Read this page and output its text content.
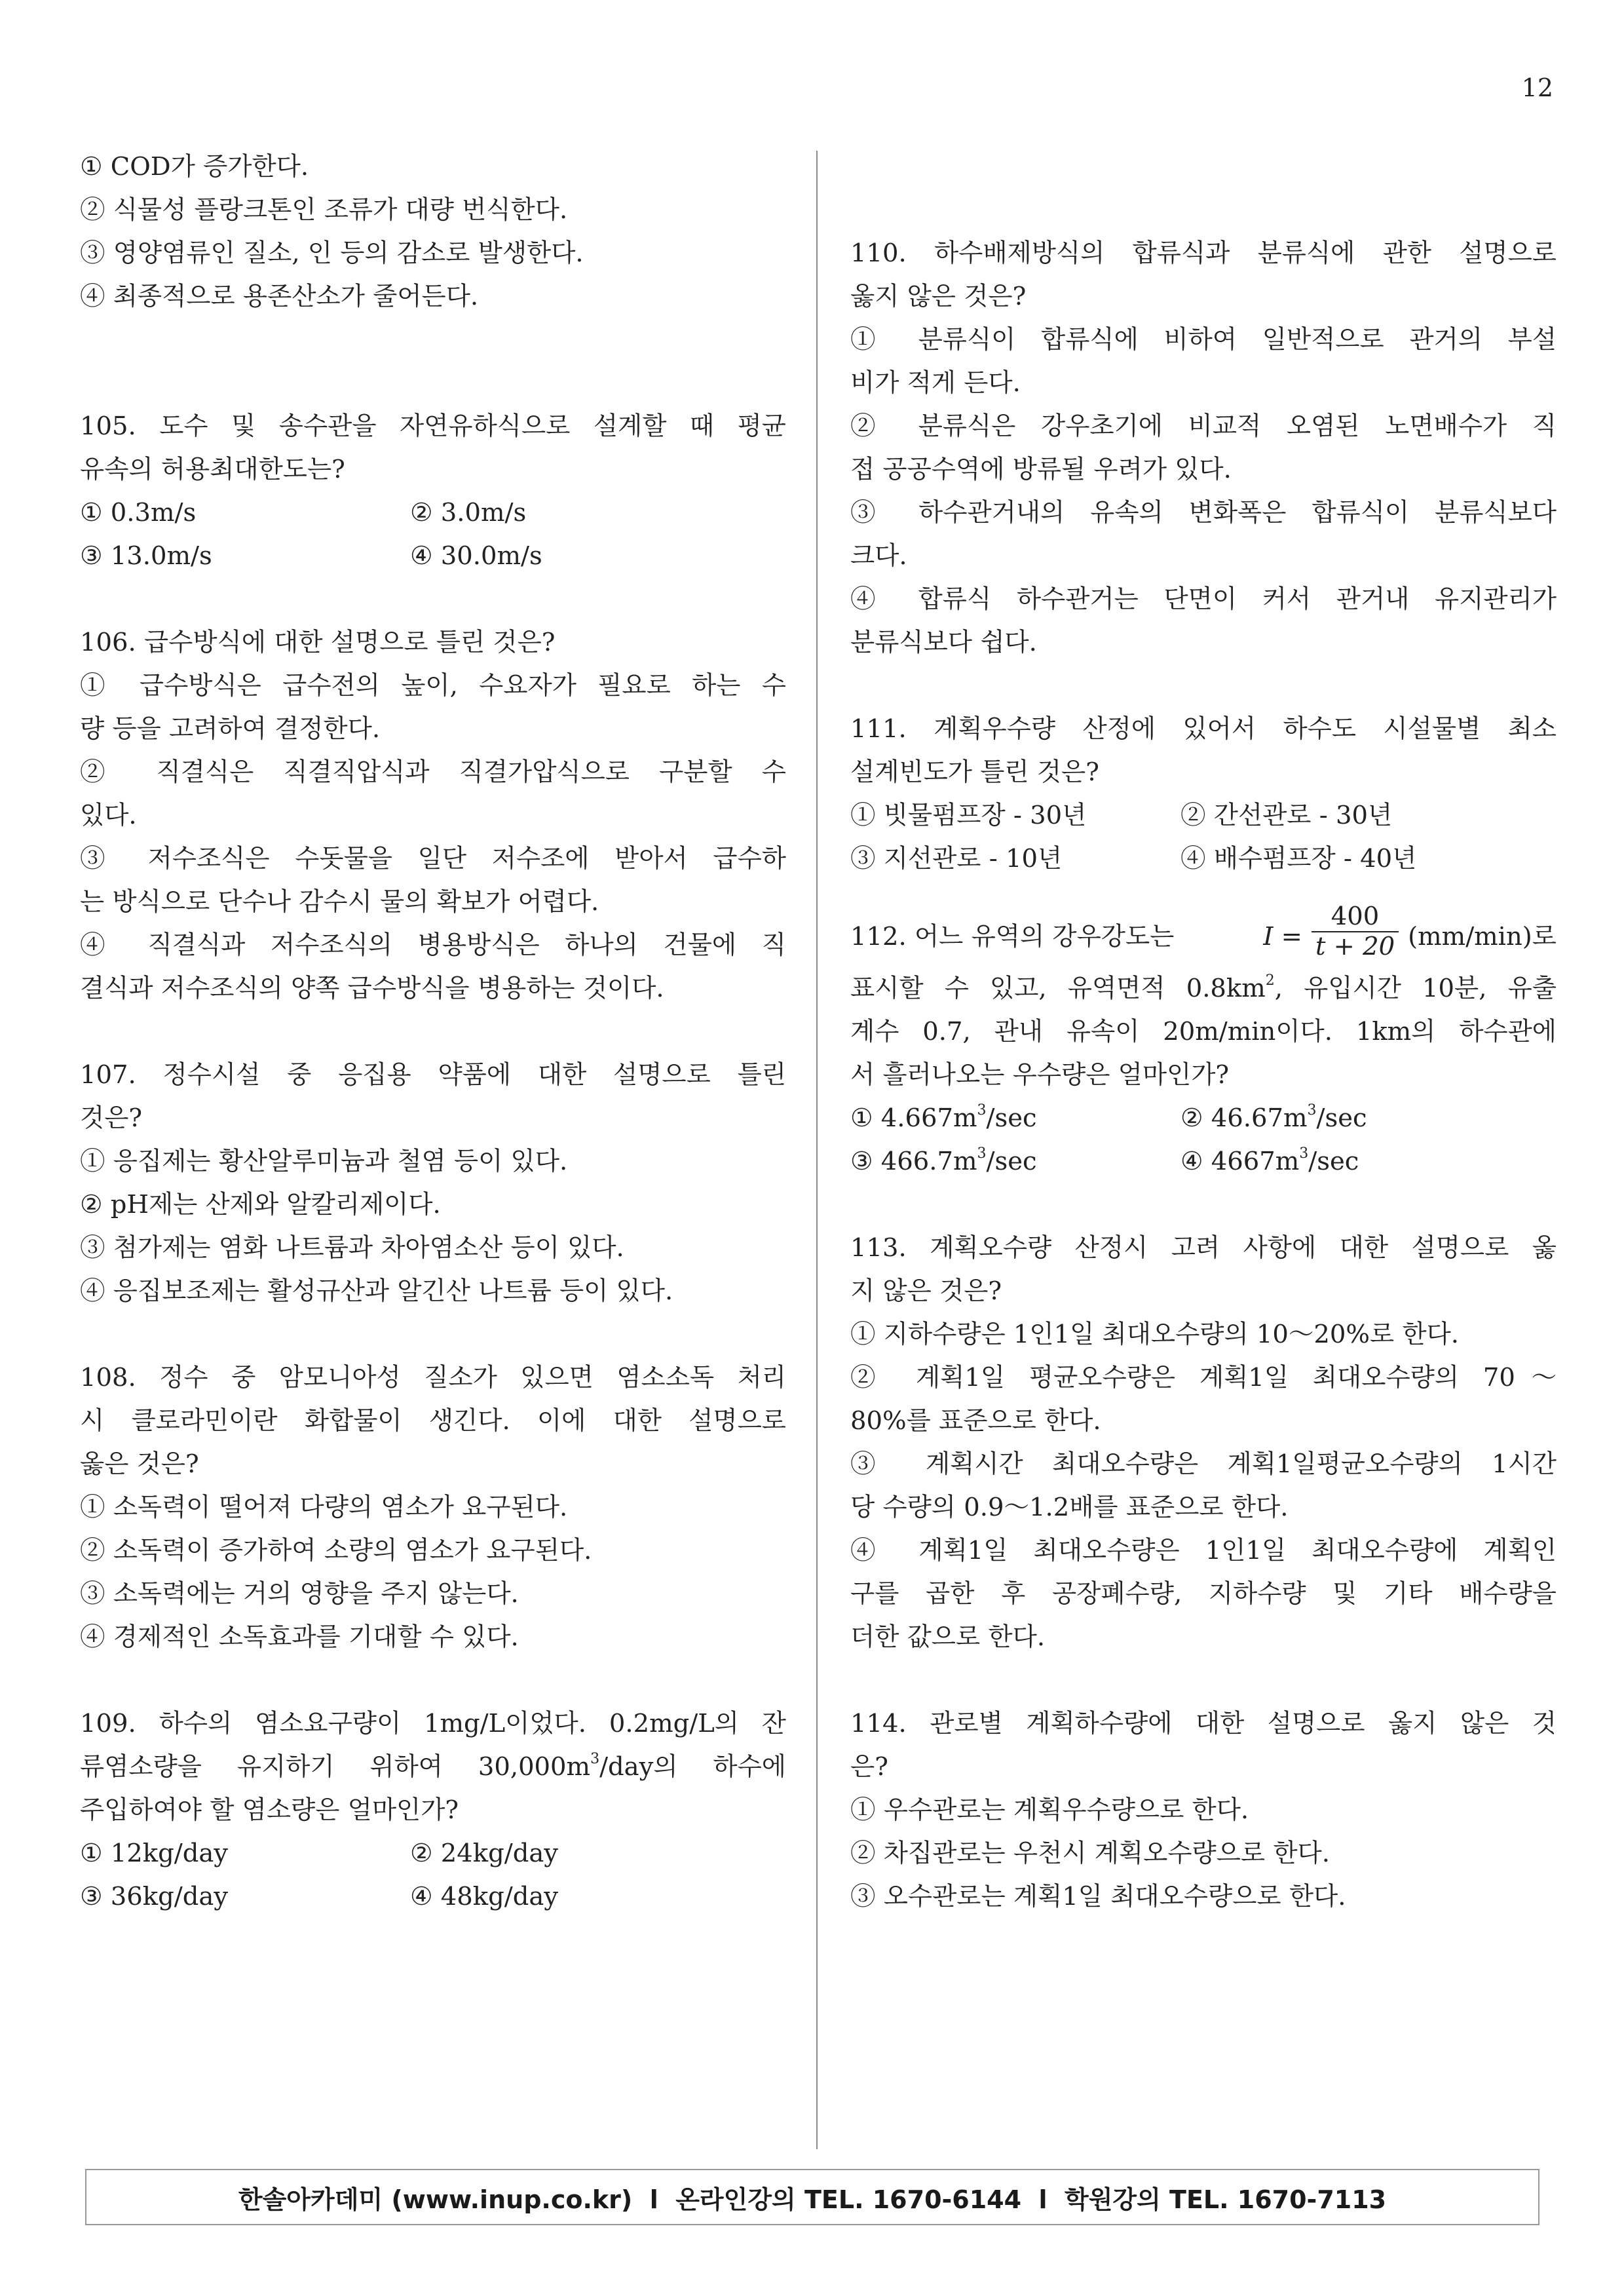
12
① COD가 증가한다.
② 식물성 플랑크톤인 조류가 대량 번식한다.
③ 영양염류인 질소, 인 등의 감소로 발생한다.
④ 최종적으로 용존산소가 줄어든다.
105. 도수 및 송수관을 자연유하식으로 설계할 때 평균
유속의 허용최대한도는?
① 0.3m/s	② 3.0m/s
③ 13.0m/s	④ 30.0m/s
106. 급수방식에 대한 설명으로 틀린 것은?
① 급수방식은 급수전의 높이, 수요자가 필요로 하는 수
량 등을 고려하여 결정한다.
② 직결식은 직결직압식과 직결가압식으로 구분할 수
있다.
③ 저수조식은 수돗물을 일단 저수조에 받아서 급수하
는 방식으로 단수나 감수시 물의 확보가 어렵다.
④ 직결식과 저수조식의 병용방식은 하나의 건물에 직
결식과 저수조식의 양쪽 급수방식을 병용하는 것이다.
107. 정수시설 중 응집용 약품에 대한 설명으로 틀린
것은?
① 응집제는 황산알루미늄과 철염 등이 있다.
② pH제는 산제와 알칼리제이다.
③ 첨가제는 염화 나트륨과 차아염소산 등이 있다.
④ 응집보조제는 활성규산과 알긴산 나트륨 등이 있다.
108. 정수 중 암모니아성 질소가 있으면 염소소독 처리
시 클로라민이란 화합물이 생긴다. 이에 대한 설명으로
옳은 것은?
① 소독력이 떨어져 다량의 염소가 요구된다.
② 소독력이 증가하여 소량의 염소가 요구된다.
③ 소독력에는 거의 영향을 주지 않는다.
④ 경제적인 소독효과를 기대할 수 있다.
109. 하수의 염소요구량이 1mg/L이었다. 0.2mg/L의 잔
류염소량을 유지하기 위하여 $30,000m^3$/day의 하수에
주입하여야 할 염소량은 얼마인가?
① 12kg/day	② 24kg/day
③ 36kg/day	④ 48kg/day
110. 하수배제방식의 합류식과 분류식에 관한 설명으로
옳지 않은 것은?
① 분류식이 합류식에 비하여 일반적으로 관거의 부설
비가 적게 든다.
② 분류식은 강우초기에 비교적 오염된 노면배수가 직
접 공공수역에 방류될 우려가 있다.
③ 하수관거내의 유속의 변화폭은 합류식이 분류식보다
크다.
④ 합류식 하수관거는 단면이 커서 관거내 유지관리가
분류식보다 쉽다.
111. 계획우수량 산정에 있어서 하수도 시설물별 최소
설계빈도가 틀린 것은?
① 빗물펌프장 - 30년	② 간선관로 - 30년
③ 지선관로 - 10년	④ 배수펌프장 - 40년
112. 어느 유역의 강우강도는	$I = \frac{400}{t + 20} (mm/\min)$로
표시할 수 있고, 유역면적 $0.8km^2$, 유입시간 10분, 유출
계수 0.7, 관내 유속이 20m/min이다. 1km의 하수관에
서 흘러나오는 우수량은 얼마인가?
① $4.667m^3/\sec$	② $46.67m^3/\sec$
③ $466.7m^3/\sec$	④ $4667m^3/\sec$
113. 계획오수량 산정시 고려 사항에 대한 설명으로 옳
지 않은 것은?
① 지하수량은 1인1일 최대오수량의 10～20%로 한다.
② 계획1일 평균오수량은 계획1일 최대오수량의 70～
80%를 표준으로 한다.
③ 계획시간 최대오수량은 계획1일평균오수량의 1시간
당 수량의 0.9～1.2배를 표준으로 한다.
④ 계획1일 최대오수량은 1인1일 최대오수량에 계획인
구를 곱한 후 공장폐수량, 지하수량 및 기타 배수량을
더한 값으로 한다.
114. 관로별 계획하수량에 대한 설명으로 옳지 않은 것
은?
① 우수관로는 계획우수량으로 한다.
② 차집관로는 우천시 계획오수량으로 한다.
③ 오수관로는 계획1일 최대오수량으로 한다.
한솔아카데미 (www.inup.co.kr)  l  온라인강의 TEL. 1670-6144  l  학원강의 TEL. 1670-7113
